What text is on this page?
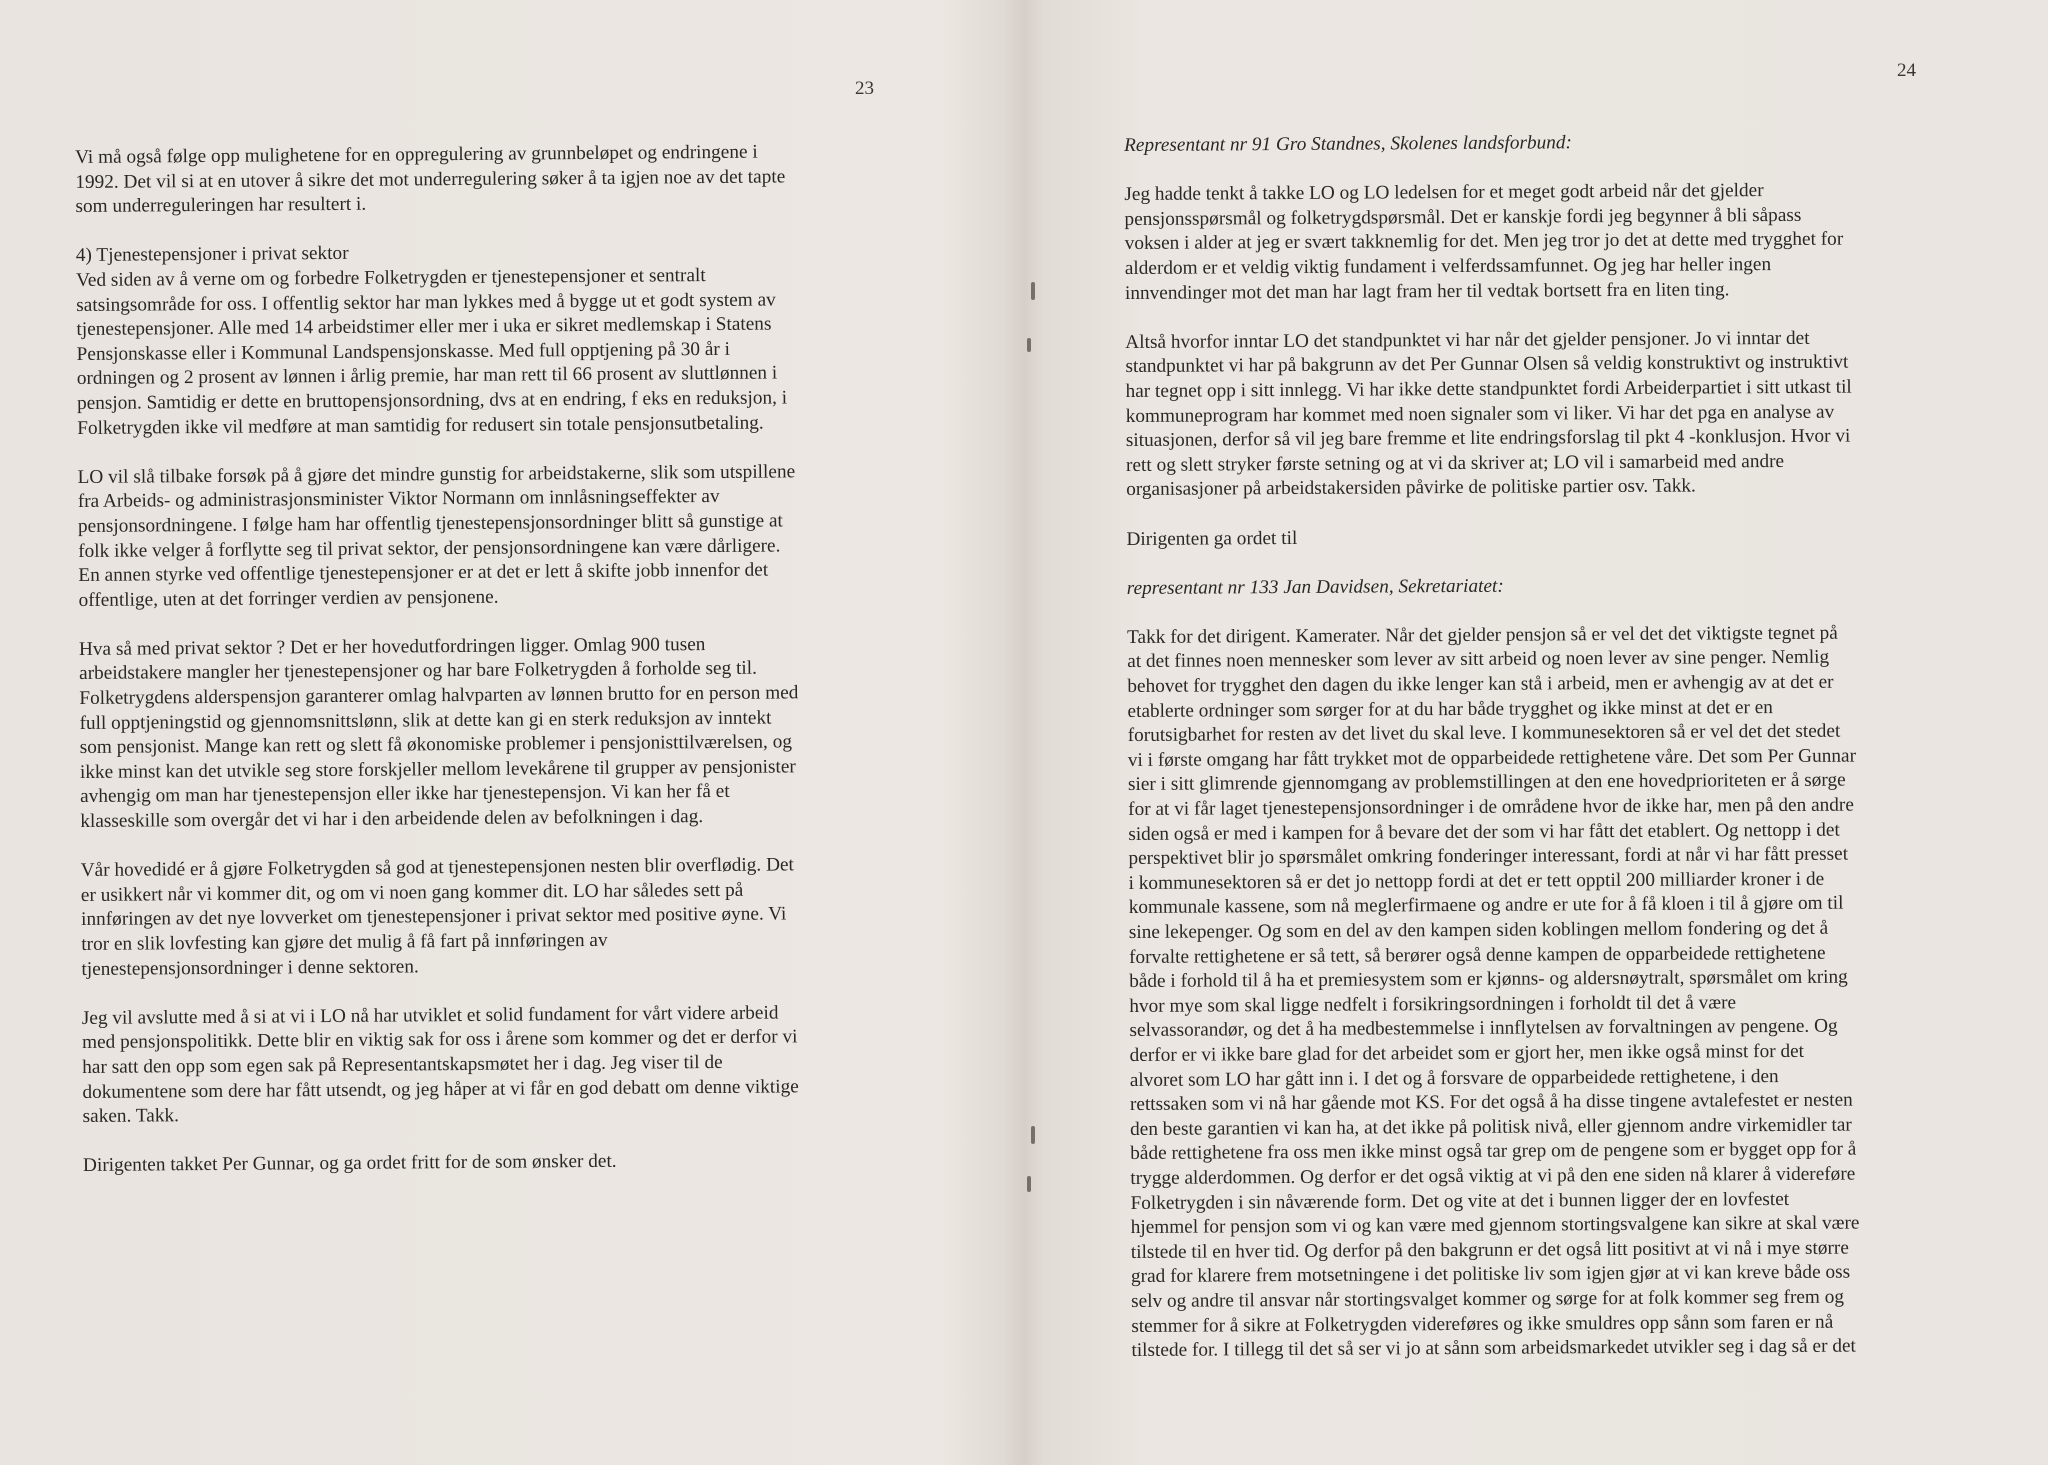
23

Vi må også følge opp mulighetene for en oppregulering av grunnbeløpet og endringene i
1992. Det vil si at en utover å sikre det mot underregulering søker å ta igjen noe av det tapte
som underreguleringen har resultert i.

4) Tjenestepensjoner i privat sektor

Ved siden av å verne om og forbedre Folketrygden er tjenestepensjoner et sentralt
satsingsområde for oss. I offentlig sektor har man lykkes med å bygge ut et godt system av
tjenestepensjoner. Alle med 14 arbeidstimer eller mer i uka er sikret medlemskap i Statens
Pensjonskasse eller i Kommunal Landspensjonskasse. Med full opptjening på 30 år i
ordningen og 2 prosent av lønnen i årlig premie, har man rett til 66 prosent av sluttlønnen i
pensjon. Samtidig er dette en bruttopensjonsordning, dvs at en endring, f eks en reduksjon, i
Folketrygden ikke vil medføre at man samtidig for redusert sin totale pensjonsutbetaling.

LO vil slå tilbake forsøk på å gjøre det mindre gunstig for arbeidstakerne, slik som utspillene
fra Arbeids- og administrasjonsminister Viktor Normann om innlåsningseffekter av
pensjonsordningene. I følge ham har offentlig tjenestepensjonsordninger blitt så gunstige at
folk ikke velger å forflytte seg til privat sektor, der pensjonsordningene kan være dårligere.
En annen styrke ved offentlige tjenestepensjoner er at det er lett å skifte jobb innenfor det
offentlige, uten at det forringer verdien av pensjonene.

Hva så med privat sektor ? Det er her hovedutfordringen ligger. Omlag 900 tusen
arbeidstakere mangler her tjenestepensjoner og har bare Folketrygden å forholde seg til.
Folketrygdens alderspensjon garanterer omlag halvparten av lønnen brutto for en person med
full opptjeningstid og gjennomsnittslønn, slik at dette kan gi en sterk reduksjon av inntekt
som pensjonist. Mange kan rett og slett få økonomiske problemer i pensjonisttilværelsen, og
ikke minst kan det utvikle seg store forskjeller mellom levekårene til grupper av pensjonister
avhengig om man har tjenestepensjon eller ikke har tjenestepensjon. Vi kan her få et
klasseskille som overgår det vi har i den arbeidende delen av befolkningen i dag.

Vår hovedidé er å gjøre Folketrygden så god at tjenestepensjonen nesten blir overflødig. Det
er usikkert når vi kommer dit, og om vi noen gang kommer dit. LO har således sett på
innføringen av det nye lovverket om tjenestepensjoner i privat sektor med positive øyne. Vi
tror en slik lovfesting kan gjøre det mulig å få fart på innføringen av
tjenestepensjonsordninger i denne sektoren.

Jeg vil avslutte med å si at vi i LO nå har utviklet et solid fundament for vårt videre arbeid
med pensjonspolitikk. Dette blir en viktig sak for oss i årene som kommer og det er derfor vi
har satt den opp som egen sak på Representantskapsmøtet her i dag. Jeg viser til de
dokumentene som dere har fått utsendt, og jeg håper at vi får en god debatt om denne viktige
saken. Takk.

Dirigenten takket Per Gunnar, og ga ordet fritt for de som ønsker det.

24

Representant nr 91 Gro Standnes, Skolenes landsforbund:

Jeg hadde tenkt å takke LO og LO ledelsen for et meget godt arbeid når det gjelder
pensjonsspørsmål og folketrygdspørsmål. Det er kanskje fordi jeg begynner å bli såpass
voksen i alder at jeg er svært takknemlig for det. Men jeg tror jo det at dette med trygghet for
alderdom er et veldig viktig fundament i velferdssamfunnet. Og jeg har heller ingen
innvendinger mot det man har lagt fram her til vedtak bortsett fra en liten ting.

Altså hvorfor inntar LO det standpunktet vi har når det gjelder pensjoner. Jo vi inntar det
standpunktet vi har på bakgrunn av det Per Gunnar Olsen så veldig konstruktivt og instruktivt
har tegnet opp i sitt innlegg. Vi har ikke dette standpunktet fordi Arbeiderpartiet i sitt utkast til
kommuneprogram har kommet med noen signaler som vi liker. Vi har det pga en analyse av
situasjonen, derfor så vil jeg bare fremme et lite endringsforslag til pkt 4 -konklusjon. Hvor vi
rett og slett stryker første setning og at vi da skriver at; LO vil i samarbeid med andre
organisasjoner på arbeidstakersiden påvirke de politiske partier osv. Takk.

Dirigenten ga ordet til

representant nr 133 Jan Davidsen, Sekretariatet:

Takk for det dirigent. Kamerater. Når det gjelder pensjon så er vel det det viktigste tegnet på
at det finnes noen mennesker som lever av sitt arbeid og noen lever av sine penger. Nemlig
behovet for trygghet den dagen du ikke lenger kan stå i arbeid, men er avhengig av at det er
etablerte ordninger som sørger for at du har både trygghet og ikke minst at det er en
forutsigbarhet for resten av det livet du skal leve. I kommunesektoren så er vel det det stedet
vi i første omgang har fått trykket mot de opparbeidede rettighetene våre. Det som Per Gunnar
sier i sitt glimrende gjennomgang av problemstillingen at den ene hovedprioriteten er å sørge
for at vi får laget tjenestepensjonsordninger i de områdene hvor de ikke har, men på den andre
siden også er med i kampen for å bevare det der som vi har fått det etablert. Og nettopp i det
perspektivet blir jo spørsmålet omkring fonderinger interessant, fordi at når vi har fått presset
i kommunesektoren så er det jo nettopp fordi at det er tett opptil 200 milliarder kroner i de
kommunale kassene, som nå meglerfirmaene og andre er ute for å få kloen i til å gjøre om til
sine lekepenger. Og som en del av den kampen siden koblingen mellom fondering og det å
forvalte rettighetene er så tett, så berører også denne kampen de opparbeidede rettighetene
både i forhold til å ha et premiesystem som er kjønns- og aldersnøytralt, spørsmålet om kring
hvor mye som skal ligge nedfelt i forsikringsordningen i forholdt til det å være
selvassorandør, og det å ha medbestemmelse i innflytelsen av forvaltningen av pengene. Og
derfor er vi ikke bare glad for det arbeidet som er gjort her, men ikke også minst for det
alvoret som LO har gått inn i. I det og å forsvare de opparbeidede rettighetene, i den
rettssaken som vi nå har gående mot KS. For det også å ha disse tingene avtalefestet er nesten
den beste garantien vi kan ha, at det ikke på politisk nivå, eller gjennom andre virkemidler tar
både rettighetene fra oss men ikke minst også tar grep om de pengene som er bygget opp for å
trygge alderdommen. Og derfor er det også viktig at vi på den ene siden nå klarer å videreføre
Folketrygden i sin nåværende form. Det og vite at det i bunnen ligger der en lovfestet
hjemmel for pensjon som vi og kan være med gjennom stortingsvalgene kan sikre at skal være
tilstede til en hver tid. Og derfor på den bakgrunn er det også litt positivt at vi nå i mye større
grad for klarere frem motsetningene i det politiske liv som igjen gjør at vi kan kreve både oss
selv og andre til ansvar når stortingsvalget kommer og sørge for at folk kommer seg frem og
stemmer for å sikre at Folketrygden videreføres og ikke smuldres opp sånn som faren er nå
tilstede for. I tillegg til det så ser vi jo at sånn som arbeidsmarkedet utvikler seg i dag så er det
